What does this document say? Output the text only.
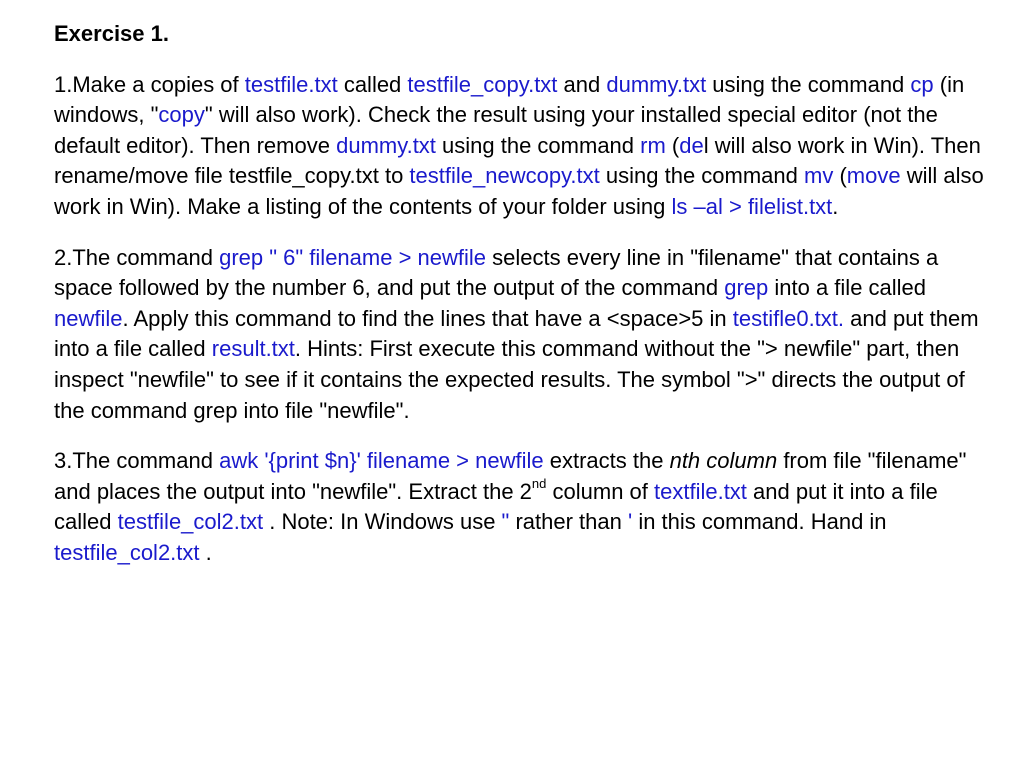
Exercise 1.

1.Make a copies of testfile.txt called testfile_copy.txt and dummy.txt using the command cp (in windows, "copy" will also work). Check the result using your installed special editor (not the default editor). Then remove dummy.txt using the command rm (del will also work in Win). Then rename/move file testfile_copy.txt to testfile_newcopy.txt using the command mv (move will also work in Win). Make a listing of the contents of your folder using ls –al > filelist.txt.

2.The command grep " 6" filename > newfile selects every line in "filename" that contains a space followed by the number 6, and put the output of the command grep into a file called newfile. Apply this command to find the lines that have a <space>5 in testifle0.txt. and put them into a file called result.txt. Hints: First execute this command without the "> newfile" part, then inspect "newfile" to see if it contains the expected results. The symbol ">" directs the output of the command grep into file "newfile".

3.The command awk '{print $n}' filename > newfile extracts the nth column from file "filename" and places the output into "newfile". Extract the 2nd column of textfile.txt and put it into a file called testfile_col2.txt . Note: In Windows use " rather than ' in this command. Hand in testfile_col2.txt .
